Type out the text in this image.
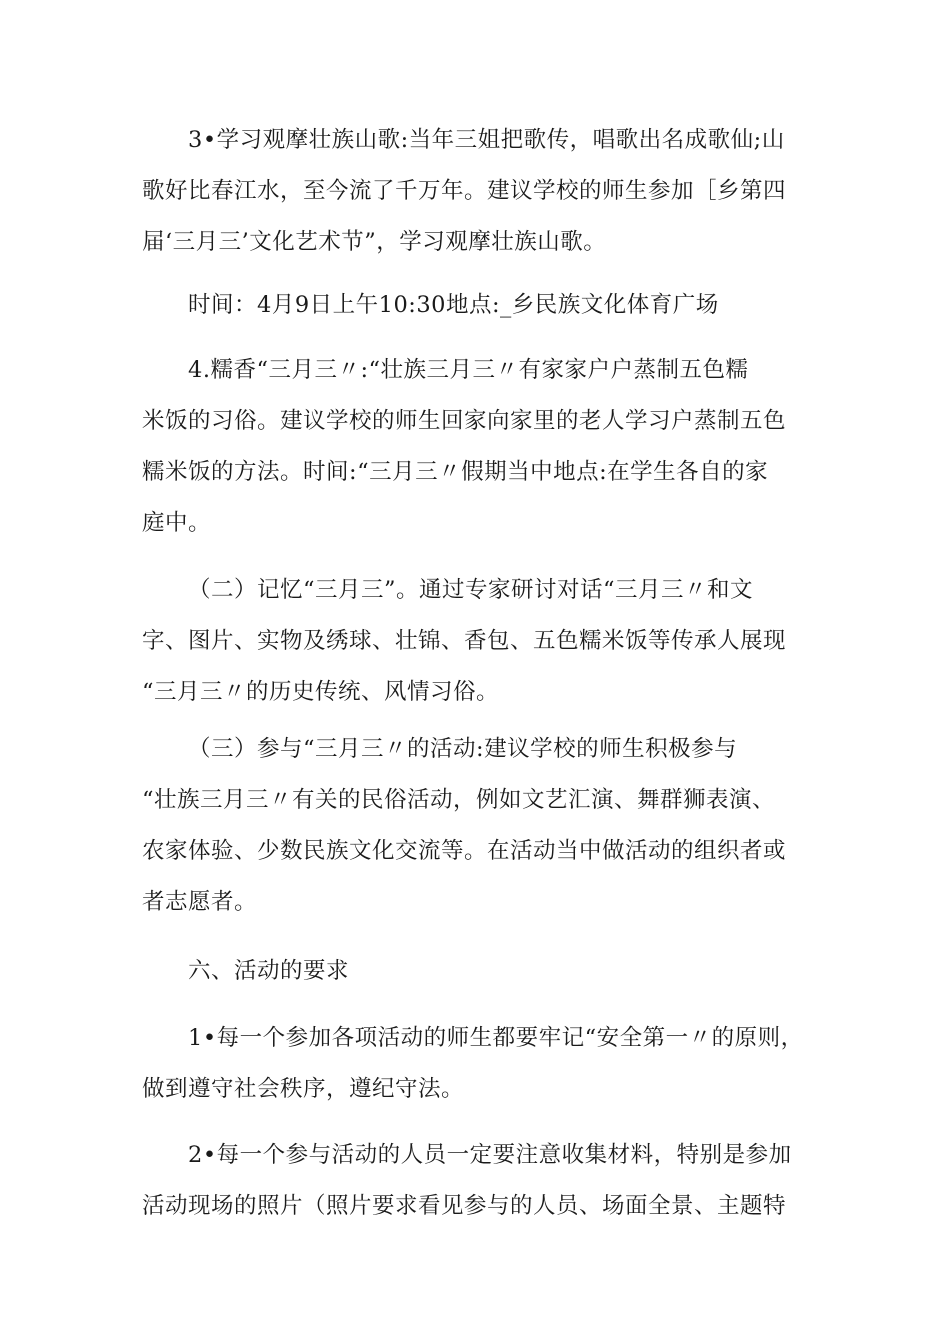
3•学习观摩壮族山歌:当年三姐把歌传，唱歌出名成歌仙;山
歌好比春江水，至今流了千万年。建议学校的师生参加［乡第四
届‘三月三’文化艺术节”，学习观摩壮族山歌。
时间：4月9日上午10:30地点:_乡民族文化体育广场
4.糯香“三月三〃:“壮族三月三〃有家家户户蒸制五色糯
米饭的习俗。建议学校的师生回家向家里的老人学习户蒸制五色
糯米饭的方法。时间:“三月三〃假期当中地点:在学生各自的家
庭中。
（二）记忆“三月三”。通过专家研讨对话“三月三〃和文
字、图片、实物及绣球、壮锦、香包、五色糯米饭等传承人展现
“三月三〃的历史传统、风情习俗。
（三）参与“三月三〃的活动:建议学校的师生积极参与
“壮族三月三〃有关的民俗活动，例如文艺汇演、舞群狮表演、
农家体验、少数民族文化交流等。在活动当中做活动的组织者或
者志愿者。
六、活动的要求
1•每一个参加各项活动的师生都要牢记“安全第一〃的原则，
做到遵守社会秩序，遵纪守法。
2•每一个参与活动的人员一定要注意收集材料，特别是参加
活动现场的照片（照片要求看见参与的人员、场面全景、主题特
